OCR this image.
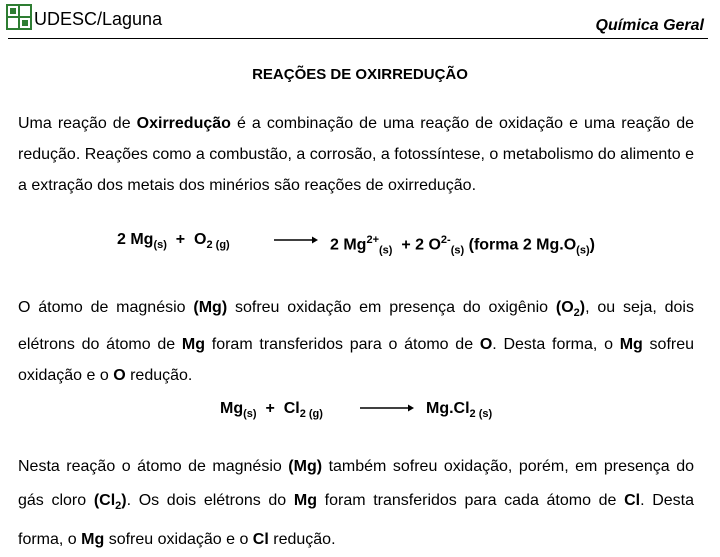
UDESC/Laguna	Química Geral
REAÇÕES DE OXIRREDUÇÃO

Uma reação de Oxirredução é a combinação de uma reação de oxidação e uma reação de redução. Reações como a combustão, a corrosão, a fotossíntese, o metabolismo do alimento e a extração dos metais dos minérios são reações de oxirredução.

2 $Mg_{(s)} + O_{2 (g)}$	→ 2 $Mg^{2+}_{(s)} + 2$ $O^{2-}_{(s)}$ (forma 2 $Mg.O_{(s)}$)

O átomo de magnésio (Mg) sofreu oxidação em presença do oxigênio $(O_2)$, ou seja, dois elétrons do átomo de Mg foram transferidos para o átomo de O. Desta forma, o Mg sofreu oxidação e o O redução.

$Mg_{(s)} + Cl_{2 (g)} \to Mg.Cl_{2 (s)}$

Nesta reação o átomo de magnésio (Mg) também sofreu oxidação, porém, em presença do gás cloro $(Cl_2)$. Os dois elétrons do Mg foram transferidos para cada átomo de Cl. Desta forma, o Mg sofreu oxidação e o Cl redução.
